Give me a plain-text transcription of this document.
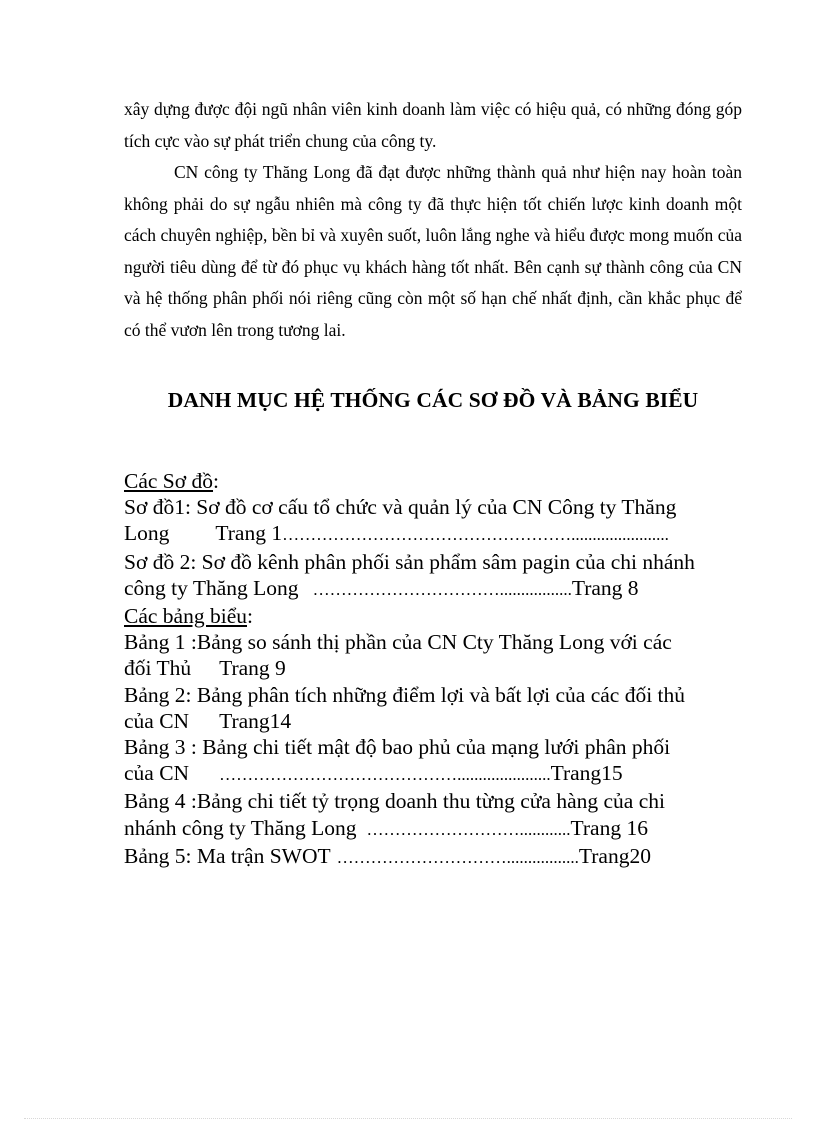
xây dựng được đội ngũ nhân viên kinh doanh làm việc có hiệu quả, có những đóng góp tích cực vào sự phát triển chung của công ty.

CN công ty Thăng Long đã đạt được những thành quả như hiện nay hoàn toàn không phải do sự ngẫu nhiên mà công ty đã thực hiện tốt chiến lược kinh doanh một cách chuyên nghiệp, bền bỉ và xuyên suốt, luôn lắng nghe và hiểu được mong muốn của người tiêu dùng để từ đó phục vụ khách hàng tốt nhất. Bên cạnh sự thành công của CN và hệ thống phân phối nói riêng cũng còn một số hạn chế nhất định, cần khắc phục để có thể vươn lên trong tương lai.

DANH MỤC HỆ THỐNG CÁC SƠ ĐỒ VÀ BẢNG BIỂU
Các Sơ đồ:
Sơ đồ1: Sơ đồ cơ cấu tổ chức và quản lý của CN Công ty Thăng
Long Trang 1…………………………………………….......................
Sơ đồ 2: Sơ đồ kênh phân phối sản phẩm sâm pagin của chi nhánh
công ty Thăng Long …………………………….................Trang 8
Các bảng biểu:
Bảng 1 :Bảng so sánh thị phần của CN Cty Thăng Long với các
đối Thủ Trang 9
Bảng 2: Bảng phân tích những điểm lợi và bất lợi của các đối thủ
của CN Trang14
Bảng 3 : Bảng chi tiết mật độ bao phủ của mạng lưới phân phối
của CN ……………………………………......................Trang15
Bảng 4 :Bảng chi tiết tỷ trọng doanh thu từng cửa hàng của chi
nhánh công ty Thăng Long ………………………............Trang 16
Bảng 5: Ma trận SWOT ………………………….................Trang20
